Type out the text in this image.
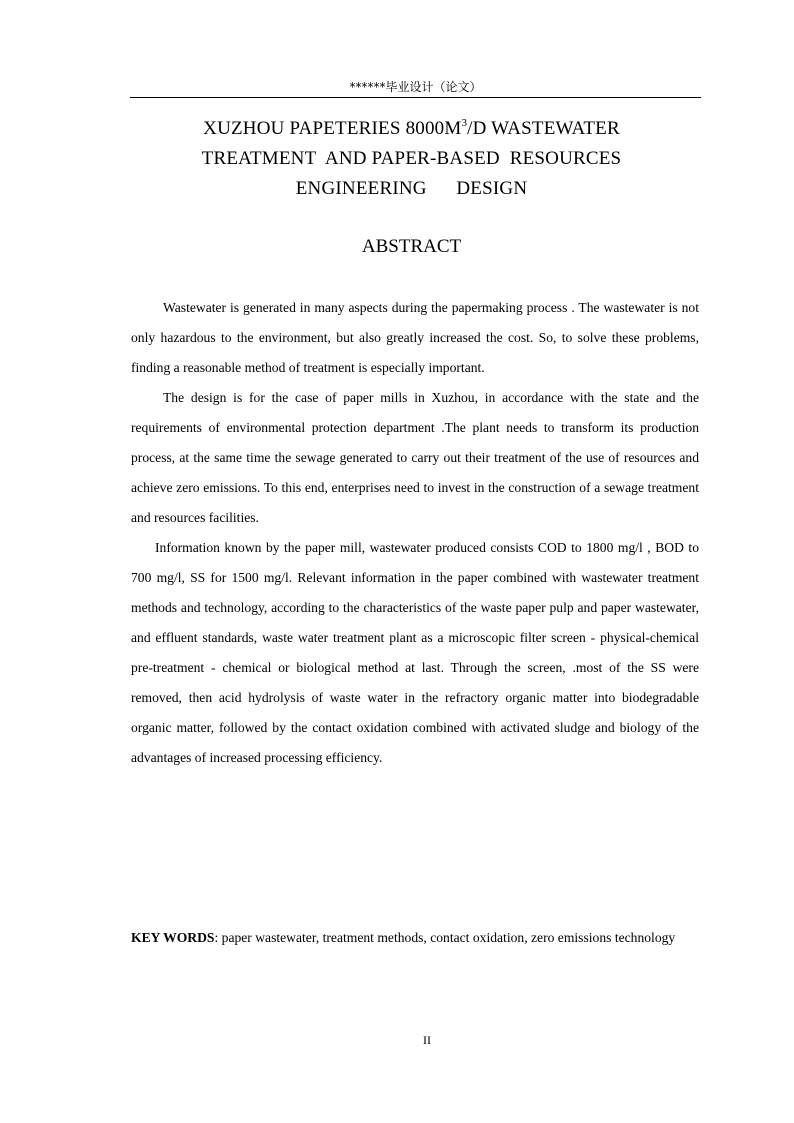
******毕业设计（论文）
XUZHOU PAPETERIES $8000M^3/D$ WASTEWATER
TREATMENT  AND PAPER-BASED  RESOURCES
ENGINEERING      DESIGN
ABSTRACT

Wastewater is generated in many aspects during the papermaking process . The wastewater is not only hazardous to the environment, but also greatly increased the cost. So, to solve these problems, finding a reasonable method of treatment is especially important.

The design is for the case of paper mills in Xuzhou, in accordance with the state and the requirements of environmental protection department .The plant needs to transform its production process, at the same time the sewage generated to carry out their treatment of the use of resources and achieve zero emissions. To this end, enterprises need to invest in the construction of a sewage treatment and resources facilities.

Information known by the paper mill, wastewater produced consists COD to 1800 mg/l , BOD to 700 mg/l, SS for 1500 mg/l. Relevant information in the paper combined with wastewater treatment methods and technology, according to the characteristics of the waste paper pulp and paper wastewater, and effluent standards, waste water treatment plant as a microscopic filter screen - physical-chemical pre-treatment - chemical or biological method at last. Through the screen, .most of the SS were removed, then acid hydrolysis of waste water in the refractory organic matter into biodegradable organic matter, followed by the contact oxidation combined with activated sludge and biology of the advantages of increased processing efficiency.

KEY WORDS: paper wastewater, treatment methods, contact oxidation, zero emissions technology
II
